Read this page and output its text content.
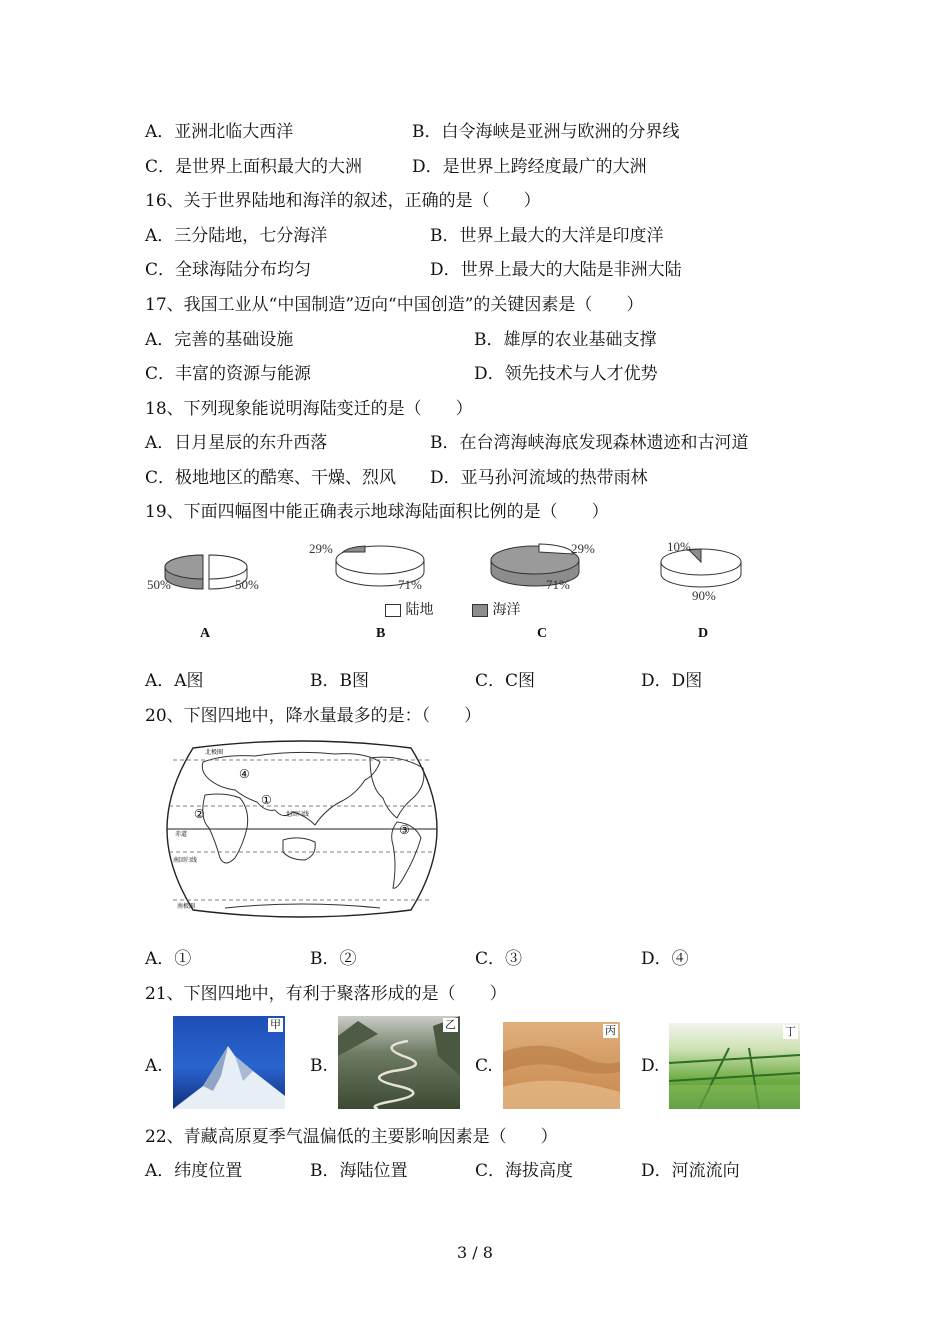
A．亚洲北临大西洋	B．白令海峡是亚洲与欧洲的分界线
C．是世界上面积最大的大洲	D．是世界上跨经度最广的大洲
16、关于世界陆地和海洋的叙述，正确的是（　　）
A．三分陆地，七分海洋	B．世界上最大的大洋是印度洋
C．全球海陆分布均匀	D．世界上最大的大陆是非洲大陆
17、我国工业从“中国制造”迈向“中国创造”的关键因素是（　　）
A．完善的基础设施	B．雄厚的农业基础支撑
C．丰富的资源与能源	D．领先技术与人才优势
18、下列现象能说明海陆变迁的是（　　）
A．日月星辰的东升西落	B．在台湾海峡海底发现森林遗迹和古河道
C．极地地区的酷寒、干燥、烈风 D．亚马孙河流域的热带雨林
19、下面四幅图中能正确表示地球海陆面积比例的是（　　）
50%	50%
A
29%
71%
B
陆地	海洋
29%
71%
C
10%
90%
D
A．A图	B．B图	C．C图	D．D图
20、下图四地中，降水量最多的是：（　　）
北极圈
北回归线
赤道
南回归线
南极圈
①
②
③
④
A．①	B．②	C．③	D．④
21、下图四地中，有利于聚落形成的是（　　）
A.
甲
B.
乙
C.
丙
D.
丁
22、青藏高原夏季气温偏低的主要影响因素是（　　）
A．纬度位置	B．海陆位置	C．海拔高度	D．河流流向
3 / 8
